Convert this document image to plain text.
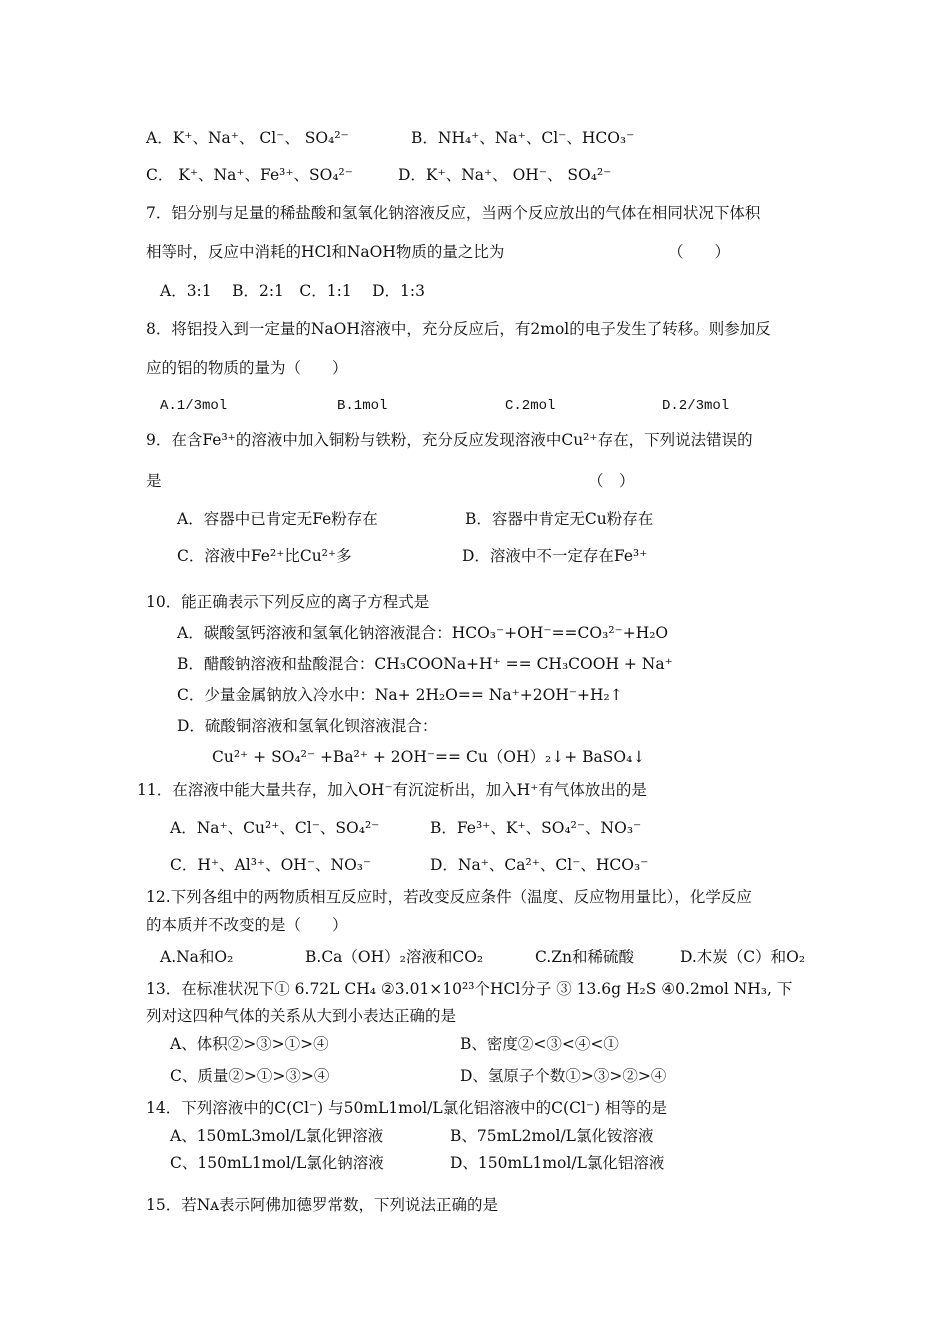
A．K⁺、Na⁺、 Cl⁻、 SO₄²⁻	B．NH₄⁺、Na⁺、Cl⁻、HCO₃⁻
C． K⁺、Na⁺、Fe³⁺、SO₄²⁻	D．K⁺、Na⁺、 OH⁻、 SO₄²⁻
7．铝分别与足量的稀盐酸和氢氧化钠溶液反应，当两个反应放出的气体在相同状况下体积
相等时，反应中消耗的HCl和NaOH物质的量之比为	（　　）
A．3:1　 B．2:1　C．1:1　 D．1:3
8．将铝投入到一定量的NaOH溶液中，充分反应后，有2mol的电子发生了转移。则参加反
应的铝的物质的量为（　　）
A.1/3mol	B.1mol	C.2mol	D.2/3mol
9．在含Fe³⁺的溶液中加入铜粉与铁粉，充分反应发现溶液中Cu²⁺存在，下列说法错误的
是	（　）
A．容器中已肯定无Fe粉存在	B．容器中肯定无Cu粉存在
C．溶液中Fe²⁺比Cu²⁺多	D．溶液中不一定存在Fe³⁺
10．能正确表示下列反应的离子方程式是
A．碳酸氢钙溶液和氢氧化钠溶液混合：HCO₃⁻+OH⁻==CO₃²⁻+H₂O
B．醋酸钠溶液和盐酸混合：CH₃COONa+H⁺ == CH₃COOH + Na⁺
C．少量金属钠放入冷水中：Na+ 2H₂O== Na⁺+2OH⁻+H₂↑
D．硫酸铜溶液和氢氧化钡溶液混合：
Cu²⁺ + SO₄²⁻ +Ba²⁺ + 2OH⁻== Cu（OH）₂↓+ BaSO₄↓
11．在溶液中能大量共存，加入OH⁻有沉淀析出，加入H⁺有气体放出的是
A．Na⁺、Cu²⁺、Cl⁻、SO₄²⁻	B．Fe³⁺、K⁺、SO₄²⁻、NO₃⁻
C．H⁺、Al³⁺、OH⁻、NO₃⁻	D．Na⁺、Ca²⁺、Cl⁻、HCO₃⁻
12.下列各组中的两物质相互反应时，若改变反应条件（温度、反应物用量比），化学反应
的本质并不改变的是（　　）
A.Na和O₂	B.Ca（OH）₂溶液和CO₂	C.Zn和稀硫酸	D.木炭（C）和O₂
13．在标准状况下① 6.72L CH₄ ②3.01×10²³个HCl分子 ③ 13.6g H₂S ④0.2mol NH₃, 下
列对这四种气体的关系从大到小表达正确的是
A、体积②>③>①>④	B、密度②<③<④<①
C、质量②>①>③>④	D、氢原子个数①>③>②>④
14．下列溶液中的C(Cl⁻) 与50mL1mol/L氯化铝溶液中的C(Cl⁻) 相等的是
A、150mL3mol/L氯化钾溶液	B、75mL2mol/L氯化铵溶液
C、150mL1mol/L氯化钠溶液	D、150mL1mol/L氯化铝溶液
15．若Nᴀ表示阿佛加德罗常数，下列说法正确的是
